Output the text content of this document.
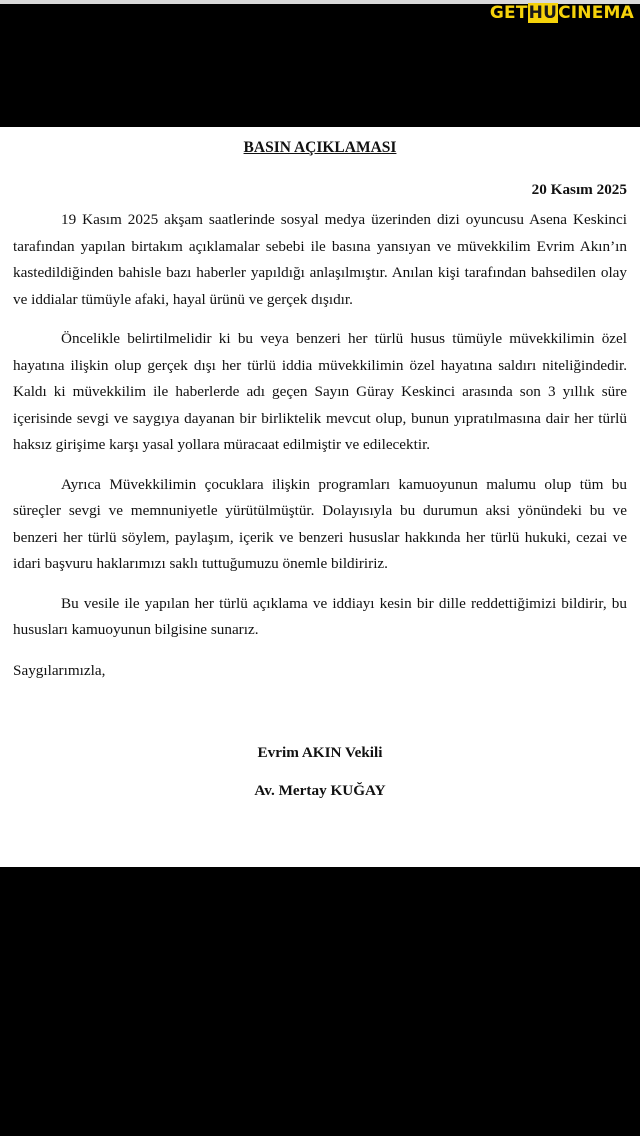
GETHUCINEMA
BASIN AÇIKLAMASI
20 Kasım 2025

19 Kasım 2025 akşam saatlerinde sosyal medya üzerinden dizi oyuncusu Asena Keskinci tarafından yapılan birtakım açıklamalar sebebi ile basına yansıyan ve müvekkilim Evrim Akın’ın kastedildiğinden bahisle bazı haberler yapıldığı anlaşılmıştır. Anılan kişi tarafından bahsedilen olay ve iddialar tümüyle afaki, hayal ürünü ve gerçek dışıdır.

Öncelikle belirtilmelidir ki bu veya benzeri her türlü husus tümüyle müvekkilimin özel hayatına ilişkin olup gerçek dışı her türlü iddia müvekkilimin özel hayatına saldırı niteliğindedir. Kaldı ki müvekkilim ile haberlerde adı geçen Sayın Güray Keskinci arasında son 3 yıllık süre içerisinde sevgi ve saygıya dayanan bir birliktelik mevcut olup, bunun yıpratılmasına dair her türlü haksız girişime karşı yasal yollara müracaat edilmiştir ve edilecektir.

Ayrıca Müvekkilimin çocuklara ilişkin programları kamuoyunun malumu olup tüm bu süreçler sevgi ve memnuniyetle yürütülmüştür. Dolayısıyla bu durumun aksi yönündeki bu ve benzeri her türlü söylem, paylaşım, içerik ve benzeri hususlar hakkında her türlü hukuki, cezai ve idari başvuru haklarımızı saklı tuttuğumuzu önemle bildiririz.

Bu vesile ile yapılan her türlü açıklama ve iddiayı kesin bir dille reddettiğimizi bildirir, bu hususları kamuoyunun bilgisine sunarız.

Saygılarımızla,
Evrim AKIN Vekili
Av. Mertay KUĞAY
